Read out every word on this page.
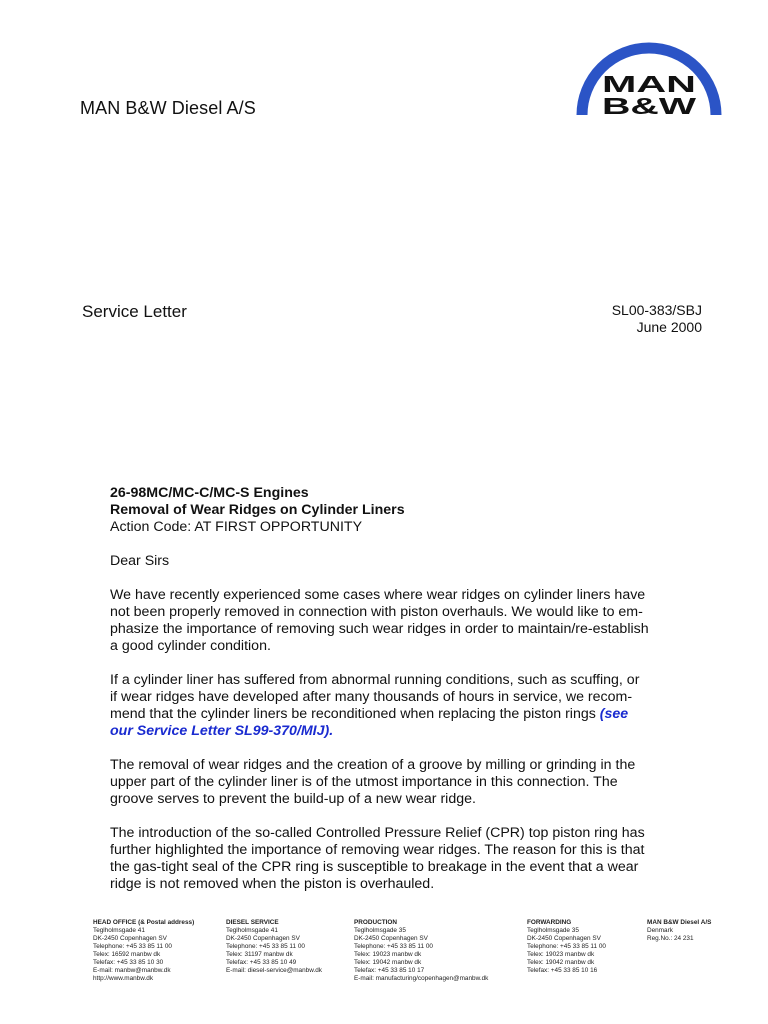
MAN B&W Diesel A/S
MAN
B&W
Service Letter	SL00-383/SBJ
June 2000
26-98MC/MC-C/MC-S Engines
Removal of Wear Ridges on Cylinder Liners
Action Code: AT FIRST OPPORTUNITY

Dear Sirs

We have recently experienced some cases where wear ridges on cylinder liners have
not been properly removed in connection with piston overhauls. We would like to em-
phasize the importance of removing such wear ridges in order to maintain/re-establish
a good cylinder condition.

If a cylinder liner has suffered from abnormal running conditions, such as scuffing, or
if wear ridges have developed after many thousands of hours in service, we recom-
mend that the cylinder liners be reconditioned when replacing the piston rings (see
our Service Letter SL99-370/MIJ).

The removal of wear ridges and the creation of a groove by milling or grinding in the
upper part of the cylinder liner is of the utmost importance in this connection. The
groove serves to prevent the build-up of a new wear ridge.

The introduction of the so-called Controlled Pressure Relief (CPR) top piston ring has
further highlighted the importance of removing wear ridges. The reason for this is that
the gas-tight seal of the CPR ring is susceptible to breakage in the event that a wear
ridge is not removed when the piston is overhauled.

HEAD OFFICE (& Postal address)
Teglholmsgade 41
DK-2450 Copenhagen SV
Telephone: +45 33 85 11 00
Telex: 16592 manbw dk
Telefax: +45 33 85 10 30
E-mail: manbw@manbw.dk
http://www.manbw.dk
DIESEL SERVICE
Teglholmsgade 41
DK-2450 Copenhagen SV
Telephone: +45 33 85 11 00
Telex: 31197 manbw dk
Telefax: +45 33 85 10 49
E-mail: diesel-service@manbw.dk
PRODUCTION
Teglholmsgade 35
DK-2450 Copenhagen SV
Telephone: +45 33 85 11 00
Telex: 19023 manbw dk
Telex: 19042 manbw dk
Telefax: +45 33 85 10 17
E-mail: manufacturing/copenhagen@manbw.dk
FORWARDING
Teglholmsgade 35
DK-2450 Copenhagen SV
Telephone: +45 33 85 11 00
Telex: 19023 manbw dk
Telex: 19042 manbw dk
Telefax: +45 33 85 10 16
MAN B&W Diesel A/S
Denmark
Reg.No.: 24 231
